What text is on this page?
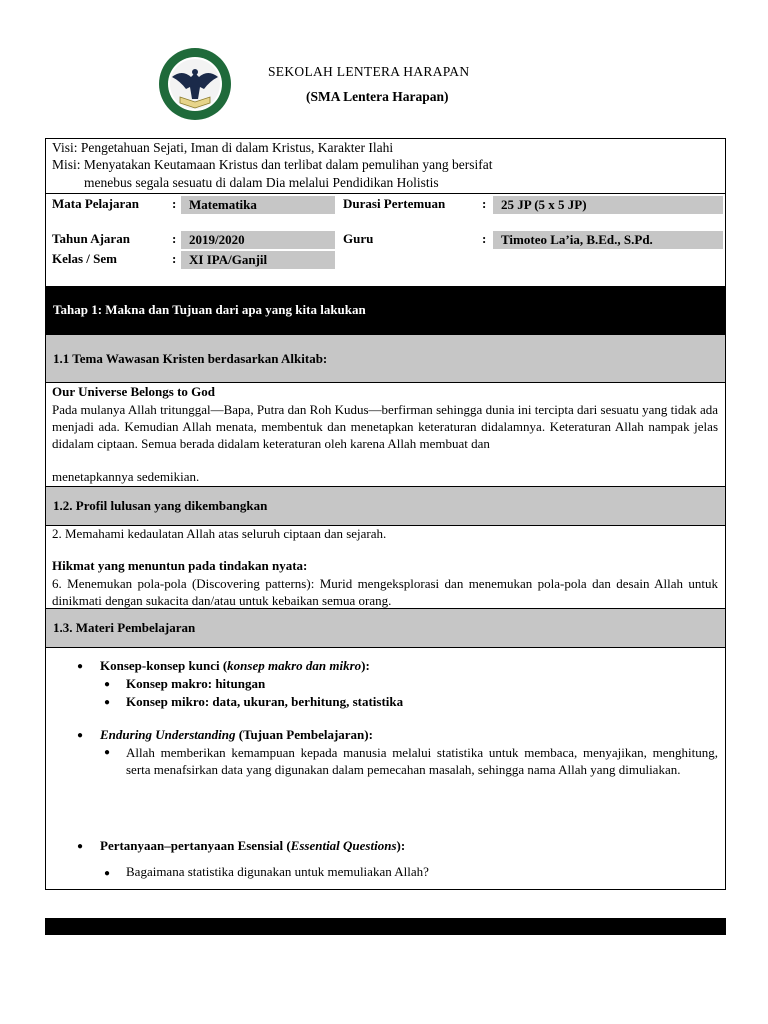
SEKOLAH LENTERA HARAPAN
(SMA Lentera Harapan)
Visi: Pengetahuan Sejati, Iman di dalam Kristus, Karakter Ilahi
Misi: Menyatakan Keutamaan Kristus dan terlibat dalam pemulihan yang bersifat
menebus segala sesuatu di dalam Dia melalui Pendidikan Holistis
Mata Pelajaran	: Matematika	Durasi Pertemuan	:	25 JP (5 x 5 JP)
Tahun Ajaran	: 2019/2020	Guru	:	Timoteo La’ia, B.Ed., S.Pd.
Kelas / Sem	: XI IPA/Ganjil
Tahap 1: Makna dan Tujuan dari apa yang kita lakukan
1.1 Tema Wawasan Kristen berdasarkan Alkitab:
Our Universe Belongs to God
Pada mulanya Allah tritunggal—Bapa, Putra dan Roh Kudus—berfirman sehingga dunia ini tercipta dari sesuatu yang tidak ada menjadi ada. Kemudian Allah menata, membentuk dan menetapkan keteraturan didalamnya. Keteraturan Allah nampak jelas didalam ciptaan. Semua berada didalam keteraturan oleh karena Allah membuat dan
menetapkannya sedemikian.
1.2. Profil lulusan yang dikembangkan
2. Memahami kedaulatan Allah atas seluruh ciptaan dan sejarah.
Hikmat yang menuntun pada tindakan nyata:
6. Menemukan pola-pola (Discovering patterns): Murid mengeksplorasi dan menemukan pola-pola dan desain Allah untuk dinikmati dengan sukacita dan/atau untuk kebaikan semua orang.
1.3. Materi Pembelajaran
● Konsep-konsep kunci (konsep makro dan mikro):
● Konsep makro: hitungan
● Konsep mikro: data, ukuran, berhitung, statistika
● Enduring Understanding (Tujuan Pembelajaran):
● Allah memberikan kemampuan kepada manusia melalui statistika untuk membaca, menyajikan, menghitung, serta menafsirkan data yang digunakan dalam pemecahan masalah, sehingga nama Allah yang dimuliakan.
● Pertanyaan–pertanyaan Esensial (Essential Questions):
● Bagaimana statistika digunakan untuk memuliakan Allah?
